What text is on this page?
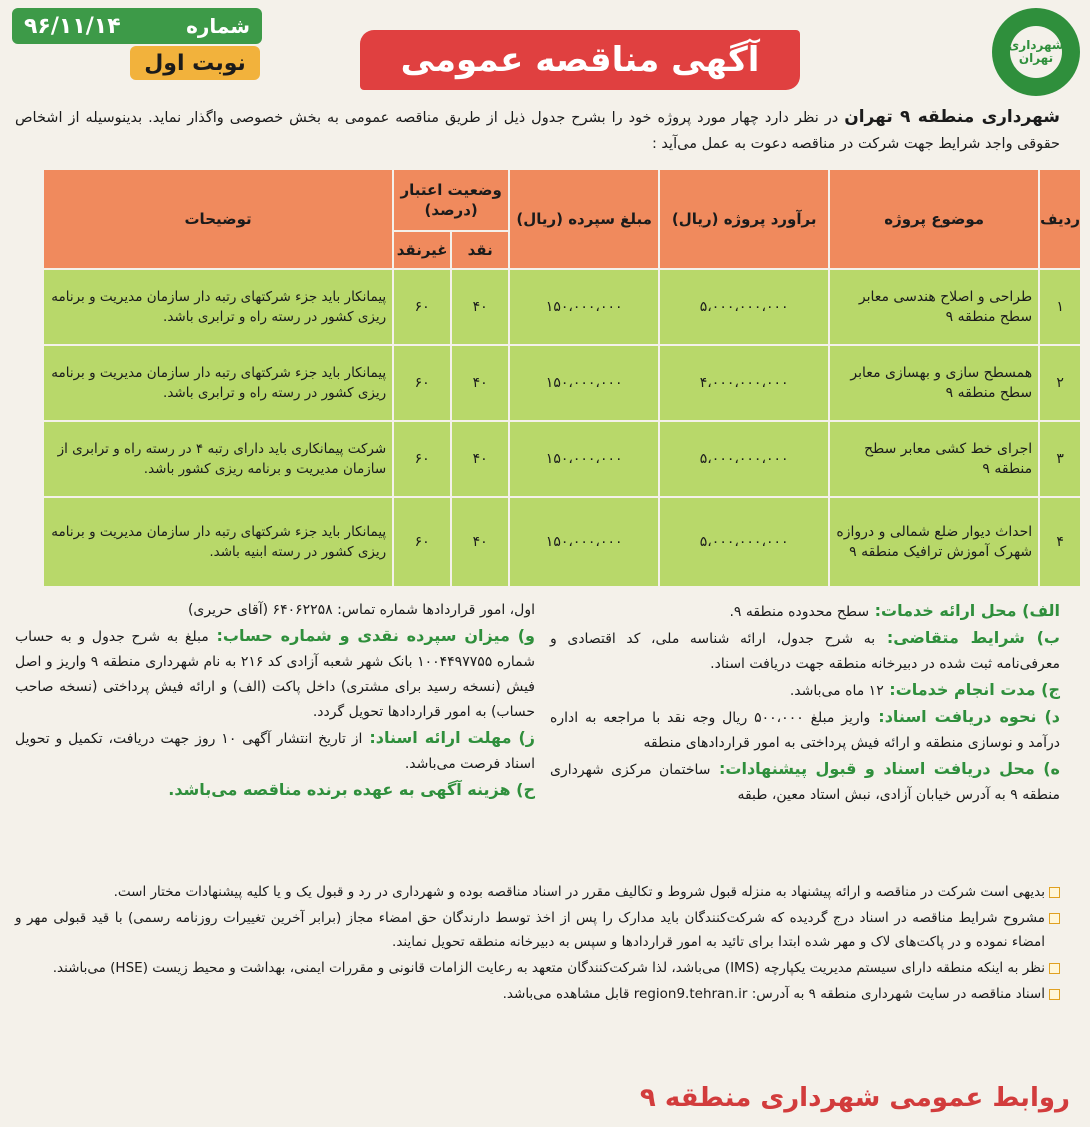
شهرداری تهران
آگهی مناقصه عمومی
شماره
۹۶/۱۱/۱۴
نوبت اول
شهرداری منطقه ۹ تهران در نظر دارد چهار مورد پروژه خود را بشرح جدول ذیل از طریق مناقصه عمومی به بخش خصوصی واگذار نماید. بدینوسیله از اشخاص حقوقی واجد شرایط جهت شرکت در مناقصه دعوت به عمل می‌آید :
ردیف	موضوع پروژه	برآورد پروژه (ریال)	مبلغ سپرده (ریال)	وضعیت اعتبار (درصد)		توضیحات
				نقد	غیرنقد	
۱	طراحی و اصلاح هندسی معابر سطح منطقه ۹	۵،۰۰۰،۰۰۰،۰۰۰	۱۵۰،۰۰۰،۰۰۰	۴۰	۶۰	پیمانکار باید جزء شرکتهای رتبه دار سازمان مدیریت و برنامه ریزی کشور در رسته راه و ترابری باشد.
۲	همسطح سازی و بهسازی معابر سطح منطقه ۹	۴،۰۰۰،۰۰۰،۰۰۰	۱۵۰،۰۰۰،۰۰۰	۴۰	۶۰	پیمانکار باید جزء شرکتهای رتبه دار سازمان مدیریت و برنامه ریزی کشور در رسته راه و ترابری باشد.
۳	اجرای خط کشی معابر سطح منطقه ۹	۵،۰۰۰،۰۰۰،۰۰۰	۱۵۰،۰۰۰،۰۰۰	۴۰	۶۰	شرکت پیمانکاری باید دارای رتبه ۴ در رسته راه و ترابری از سازمان مدیریت و برنامه ریزی کشور باشد.
۴	احداث دیوار ضلع شمالی و دروازه شهرک آموزش ترافیک منطقه ۹	۵،۰۰۰،۰۰۰،۰۰۰	۱۵۰،۰۰۰،۰۰۰	۴۰	۶۰	پیمانکار باید جزء شرکتهای رتبه دار سازمان مدیریت و برنامه ریزی کشور در رسته ابنیه باشد.

الف) محل ارائه خدمات: سطح محدوده منطقه ۹.

ب) شرایط متقاضی: به شرح جدول، ارائه شناسه ملی، کد اقتصادی و معرفی‌نامه ثبت شده در دبیرخانه منطقه جهت دریافت اسناد.

ج) مدت انجام خدمات: ۱۲ ماه می‌باشد.

د) نحوه دریافت اسناد: واریز مبلغ ۵۰۰،۰۰۰ ریال وجه نقد با مراجعه به اداره درآمد و نوسازی منطقه و ارائه فیش پرداختی به امور قراردادهای منطقه

ه) محل دریافت اسناد و قبول پیشنهادات: ساختمان مرکزی شهرداری منطقه ۹ به آدرس خیابان آزادی، نبش استاد معین، طبقه

اول، امور قراردادها شماره تماس: ۶۴۰۶۲۲۵۸ (آقای حریری)

و) میزان سپرده نقدی و شماره حساب: مبلغ به شرح جدول و به حساب شماره ۱۰۰۴۴۹۷۷۵۵ بانک شهر شعبه آزادی کد ۲۱۶ به نام شهرداری منطقه ۹ واریز و اصل فیش (نسخه رسید برای مشتری) داخل پاکت (الف) و ارائه فیش پرداختی (نسخه صاحب حساب) به امور قراردادها تحویل گردد.

ز) مهلت ارائه اسناد: از تاریخ انتشار آگهی ۱۰ روز جهت دریافت، تکمیل و تحویل اسناد فرصت می‌باشد.

ح) هزینه آگهی به عهده برنده مناقصه می‌باشد.

بدیهی است شرکت در مناقصه و ارائه پیشنهاد به منزله قبول شروط و تکالیف مقرر در اسناد مناقصه بوده و شهرداری در رد و قبول یک و یا کلیه پیشنهادات مختار است.
مشروح شرایط مناقصه در اسناد درج گردیده که شرکت‌کنندگان باید مدارک را پس از اخذ توسط دارندگان حق امضاء مجاز (برابر آخرین تغییرات روزنامه رسمی) با قید قبولی مهر و امضاء نموده و در پاکت‌های لاک و مهر شده ابتدا برای تائید به امور قراردادها و سپس به دبیرخانه منطقه تحویل نمایند.
نظر به اینکه منطقه دارای سیستم مدیریت یکپارچه (IMS) می‌باشد، لذا شرکت‌کنندگان متعهد به رعایت الزامات قانونی و مقررات ایمنی، بهداشت و محیط زیست (HSE) می‌باشند.
اسناد مناقصه در سایت شهرداری منطقه ۹ به آدرس: region9.tehran.ir قابل مشاهده می‌باشد.
روابط عمومی شهرداری منطقه ۹
